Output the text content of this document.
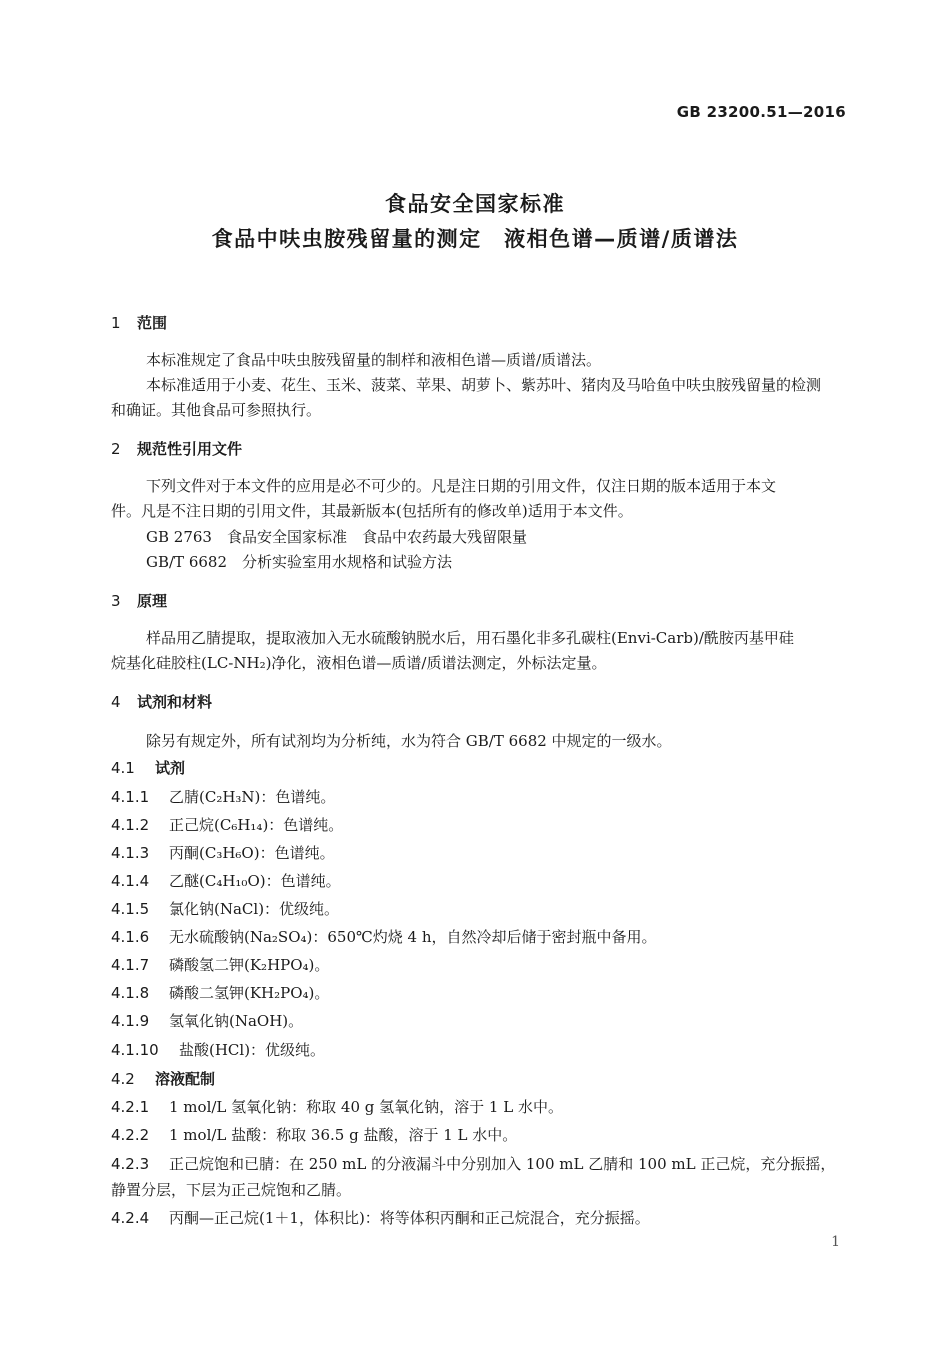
GB 23200.51—2016
食品安全国家标准
食品中呋虫胺残留量的测定　液相色谱—质谱/质谱法
1 范围
本标准规定了食品中呋虫胺残留量的制样和液相色谱—质谱/质谱法。
本标准适用于小麦、花生、玉米、菠菜、苹果、胡萝卜、紫苏叶、猪肉及马哈鱼中呋虫胺残留量的检测
和确证。其他食品可参照执行。
2 规范性引用文件
下列文件对于本文件的应用是必不可少的。凡是注日期的引用文件，仅注日期的版本适用于本文
件。凡是不注日期的引用文件，其最新版本(包括所有的修改单)适用于本文件。
GB 2763　食品安全国家标准　食品中农药最大残留限量
GB/T 6682　分析实验室用水规格和试验方法
3 原理
样品用乙腈提取，提取液加入无水硫酸钠脱水后，用石墨化非多孔碳柱(Envi-Carb)/酰胺丙基甲硅
烷基化硅胶柱(LC-NH₂)净化，液相色谱—质谱/质谱法测定，外标法定量。
4 试剂和材料
除另有规定外，所有试剂均为分析纯，水为符合 GB/T 6682 中规定的一级水。
4.1 试剂
4.1.1 乙腈(C₂H₃N)：色谱纯。
4.1.2 正己烷(C₆H₁₄)：色谱纯。
4.1.3 丙酮(C₃H₆O)：色谱纯。
4.1.4 乙醚(C₄H₁₀O)：色谱纯。
4.1.5 氯化钠(NaCl)：优级纯。
4.1.6 无水硫酸钠(Na₂SO₄)：650℃灼烧 4 h，自然冷却后储于密封瓶中备用。
4.1.7 磷酸氢二钾(K₂HPO₄)。
4.1.8 磷酸二氢钾(KH₂PO₄)。
4.1.9 氢氧化钠(NaOH)。
4.1.10 盐酸(HCl)：优级纯。
4.2 溶液配制
4.2.1 1 mol/L 氢氧化钠：称取 40 g 氢氧化钠，溶于 1 L 水中。
4.2.2 1 mol/L 盐酸：称取 36.5 g 盐酸，溶于 1 L 水中。
4.2.3 正己烷饱和已腈：在 250 mL 的分液漏斗中分别加入 100 mL 乙腈和 100 mL 正己烷，充分振摇，
静置分层，下层为正己烷饱和乙腈。
4.2.4 丙酮—正己烷(1＋1，体积比)：将等体积丙酮和正己烷混合，充分振摇。
1
